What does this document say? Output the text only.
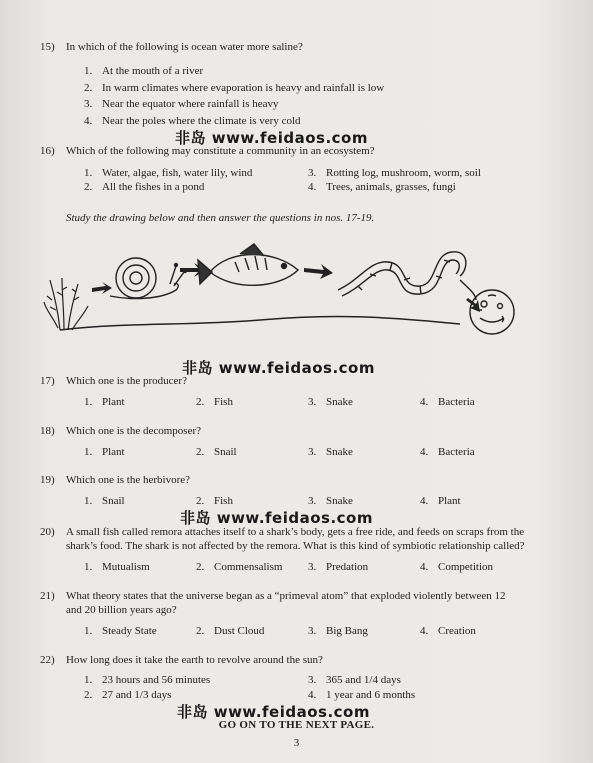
15) In which of the following is ocean water more saline?
1. At the mouth of a river
2. In warm climates where evaporation is heavy and rainfall is low
3. Near the equator where rainfall is heavy
4. Near the poles where the climate is very cold
非岛 www.feidaos.com
16) Which of the following may constitute a community in an ecosystem?
1. Water, algae, fish, water lily, wind
2. All the fishes in a pond
3. Rotting log, mushroom, worm, soil
4. Trees, animals, grasses, fungi
Study the drawing below and then answer the questions in nos. 17-19.
非岛 www.feidaos.com
17) Which one is the producer?
1. Plant	2. Fish	3. Snake	4. Bacteria
18) Which one is the decomposer?
1. Plant	2. Snail	3. Snake	4. Bacteria
19) Which one is the herbivore?
1. Snail	2. Fish	3. Snake	4. Plant
非岛 www.feidaos.com
20) A small fish called remora attaches itself to a shark’s body, gets a free ride, and feeds on scraps from the
shark’s food. The shark is not affected by the remora. What is this kind of symbiotic relationship called?
1. Mutualism	2. Commensalism 3. Predation	4. Competition
21) What theory states that the universe began as a “primeval atom” that exploded violently between 12
and 20 billion years ago?
1. Steady State	2. Dust Cloud	3. Big Bang	4. Creation
22) How long does it take the earth to revolve around the sun?
1. 23 hours and 56 minutes
2. 27 and 1/3 days
3. 365 and 1/4 days
4. 1 year and 6 months
非岛 www.feidaos.com
GO ON TO THE NEXT PAGE.
3
